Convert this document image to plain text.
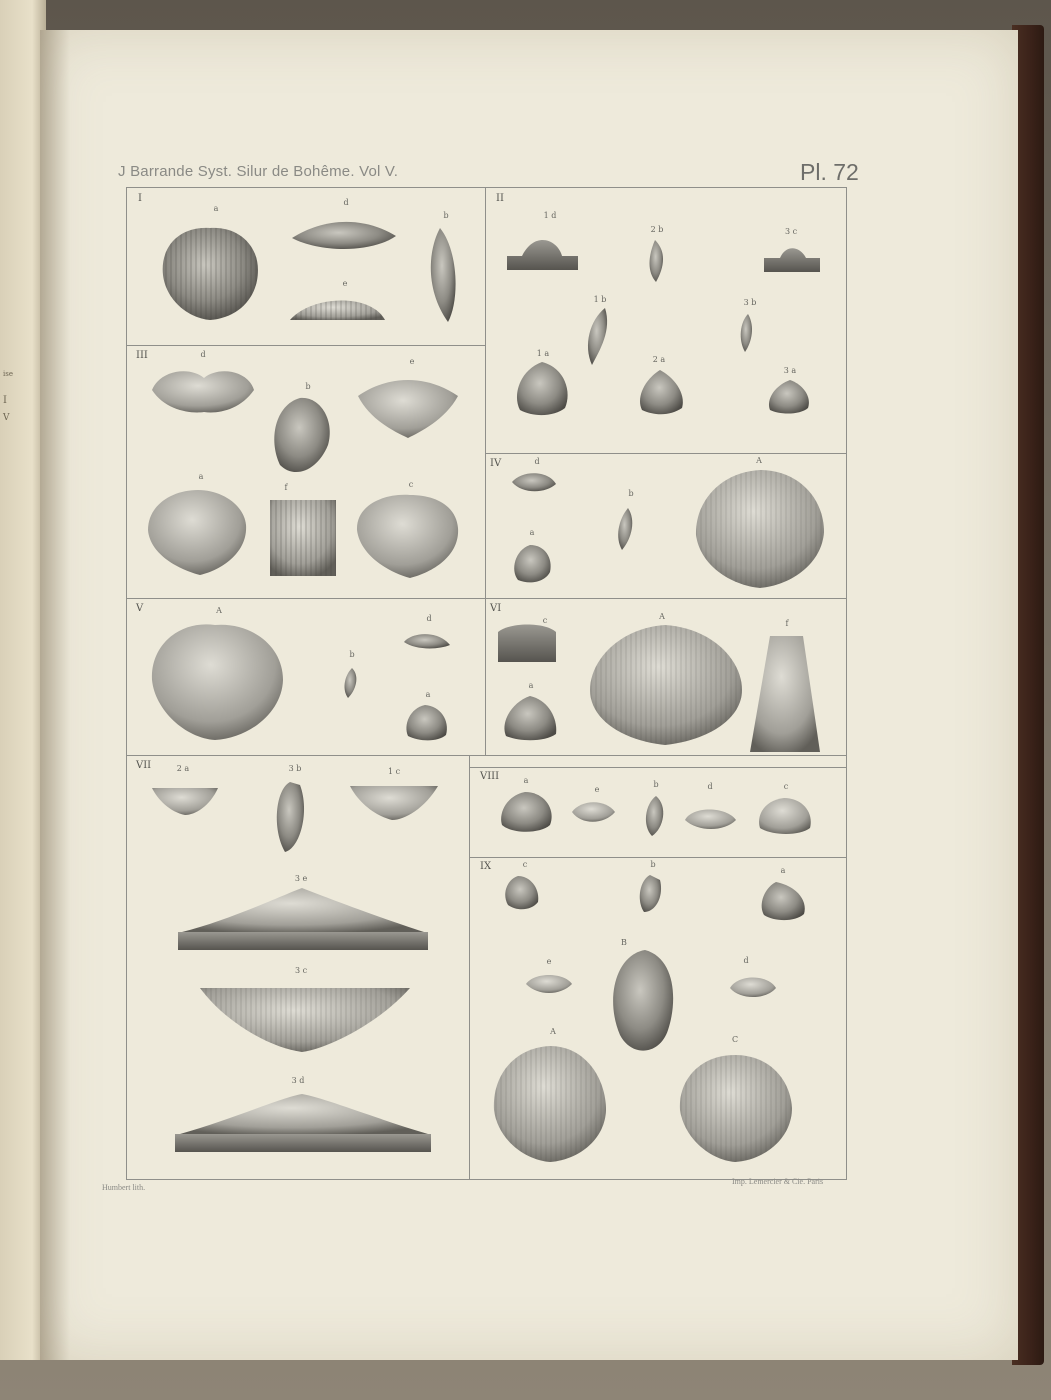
ise
I
V
J Barrande Syst. Silur de Bohême. Vol V.	Pl. 72
I	II
III
IV
V	VI
VII
VIII
IX
a
d
b
e
1 d
2 b	3 c
1 b	3 b
1 a
2 a
3 a
d
e
b
a
f	c
d	A
b
a
A
d
b
a
c	A
f
a
2 a	3 b	1 c
3 e
3 c
3 d
a
e
b	d	c
c	b
a
e
B
d
A
C
Humbert lith.
Imp. Lemercier & Cie. Paris
